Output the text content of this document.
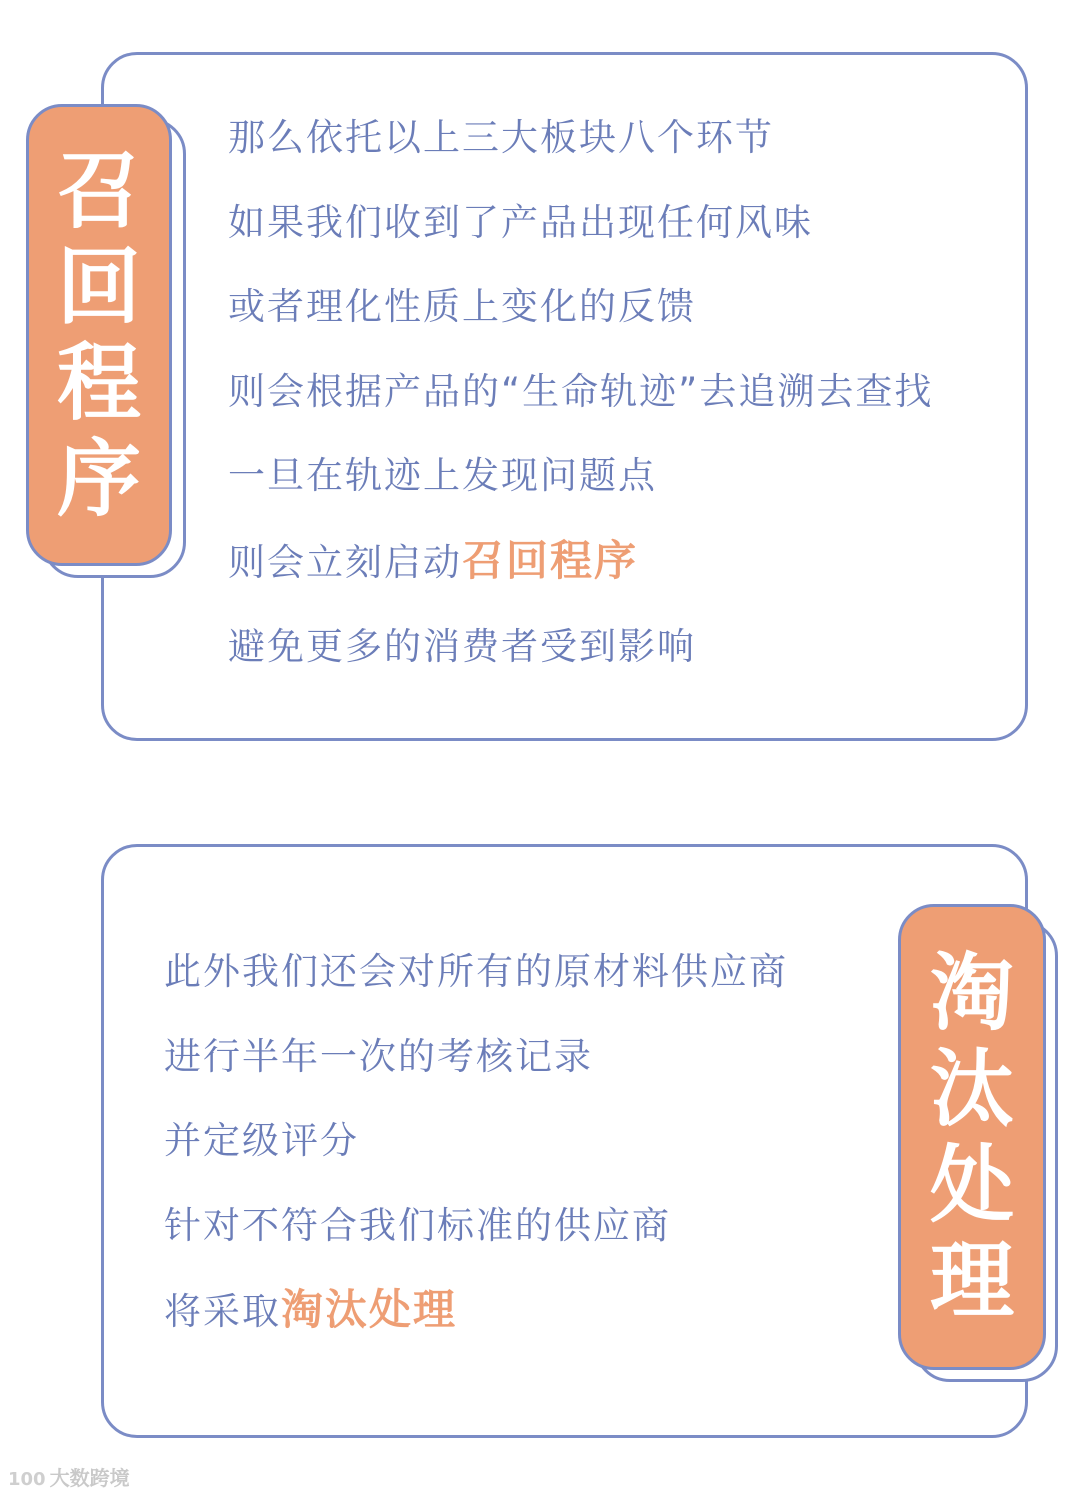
召
回
程
序
那么依托以上三大板块八个环节
如果我们收到了产品出现任何风味
或者理化性质上变化的反馈
则会根据产品的“生命轨迹”去追溯去查找
一旦在轨迹上发现问题点
则会立刻启动召回程序
避免更多的消费者受到影响
淘
汰
处
理
此外我们还会对所有的原材料供应商
进行半年一次的考核记录
并定级评分
针对不符合我们标准的供应商
将采取淘汰处理
100 大数跨境
